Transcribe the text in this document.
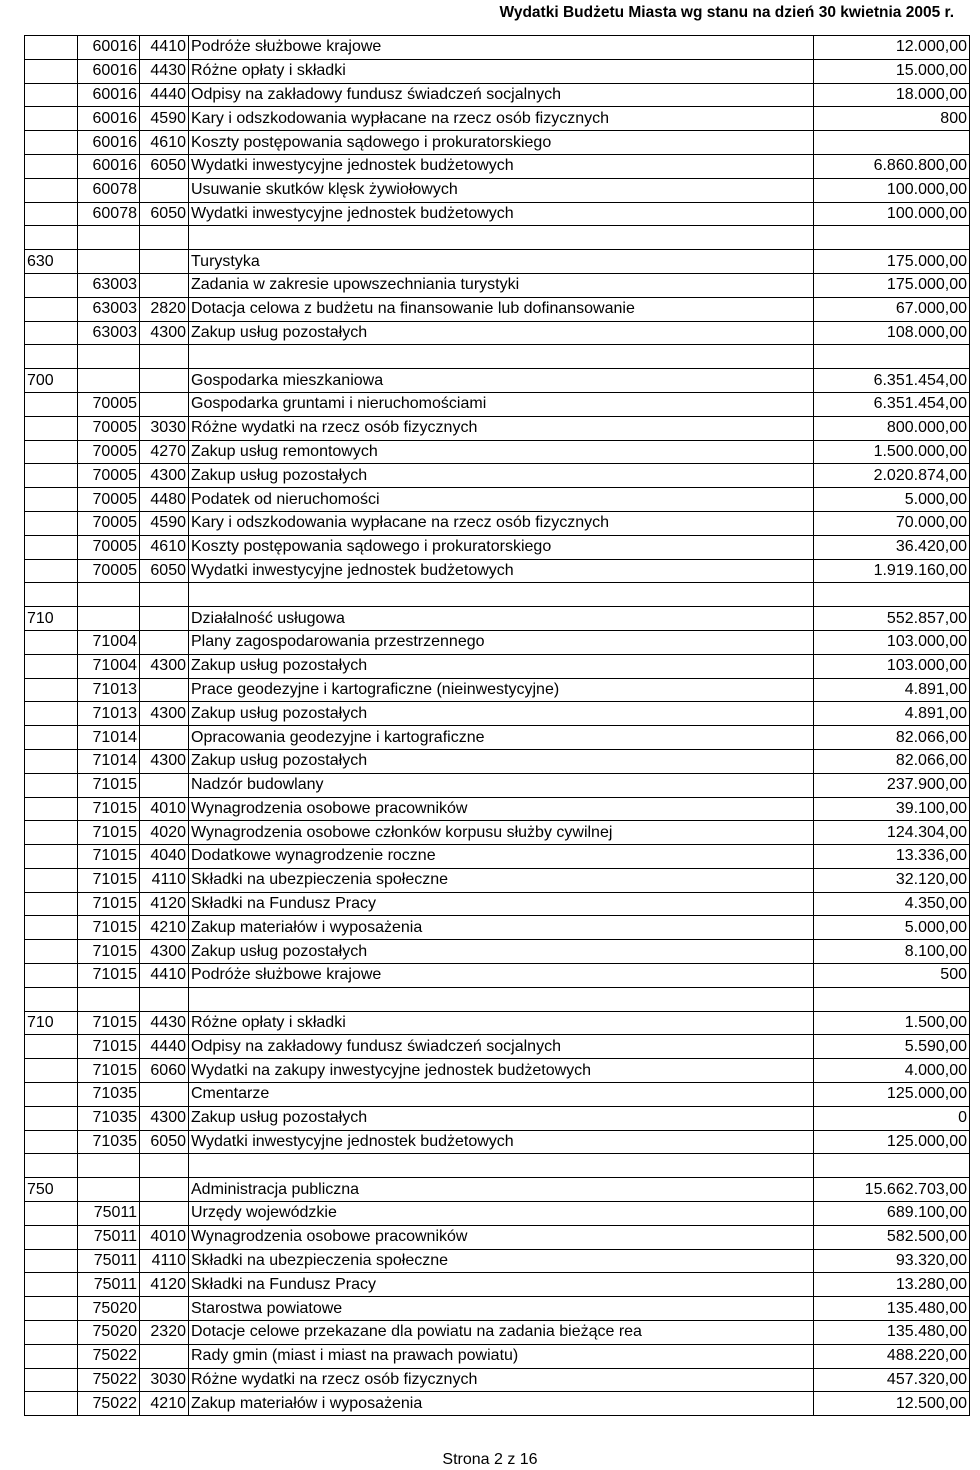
Wydatki Budżetu Miasta wg stanu na dzień 30 kwietnia 2005 r.
	60016	4410	Podróże służbowe krajowe	12.000,00
	60016	4430	Różne opłaty i składki	15.000,00
	60016	4440	Odpisy na zakładowy fundusz świadczeń socjalnych	18.000,00
	60016	4590	Kary i odszkodowania wypłacane na rzecz osób fizycznych	800
	60016	4610	Koszty postępowania sądowego i prokuratorskiego	
	60016	6050	Wydatki inwestycyjne jednostek budżetowych	6.860.800,00
	60078		Usuwanie skutków klęsk żywiołowych	100.000,00
	60078	6050	Wydatki inwestycyjne jednostek budżetowych	100.000,00

630			Turystyka	175.000,00
	63003		Zadania w zakresie upowszechniania turystyki	175.000,00
	63003	2820	Dotacja celowa z budżetu na finansowanie lub dofinansowanie	67.000,00
	63003	4300	Zakup usług pozostałych	108.000,00

700			Gospodarka mieszkaniowa	6.351.454,00
	70005		Gospodarka gruntami i nieruchomościami	6.351.454,00
	70005	3030	Różne wydatki na rzecz osób fizycznych	800.000,00
	70005	4270	Zakup usług remontowych	1.500.000,00
	70005	4300	Zakup usług pozostałych	2.020.874,00
	70005	4480	Podatek od nieruchomości	5.000,00
	70005	4590	Kary i odszkodowania wypłacane na rzecz osób fizycznych	70.000,00
	70005	4610	Koszty postępowania sądowego i prokuratorskiego	36.420,00
	70005	6050	Wydatki inwestycyjne jednostek budżetowych	1.919.160,00

710			Działalność usługowa	552.857,00
	71004		Plany zagospodarowania przestrzennego	103.000,00
	71004	4300	Zakup usług pozostałych	103.000,00
	71013		Prace geodezyjne i kartograficzne (nieinwestycyjne)	4.891,00
	71013	4300	Zakup usług pozostałych	4.891,00
	71014		Opracowania geodezyjne i kartograficzne	82.066,00
	71014	4300	Zakup usług pozostałych	82.066,00
	71015		Nadzór budowlany	237.900,00
	71015	4010	Wynagrodzenia osobowe pracowników	39.100,00
	71015	4020	Wynagrodzenia osobowe członków korpusu służby cywilnej	124.304,00
	71015	4040	Dodatkowe wynagrodzenie roczne	13.336,00
	71015	4110	Składki na ubezpieczenia społeczne	32.120,00
	71015	4120	Składki na Fundusz Pracy	4.350,00
	71015	4210	Zakup materiałów i wyposażenia	5.000,00
	71015	4300	Zakup usług pozostałych	8.100,00
	71015	4410	Podróże służbowe krajowe	500

710	71015	4430	Różne opłaty i składki	1.500,00
	71015	4440	Odpisy na zakładowy fundusz świadczeń socjalnych	5.590,00
	71015	6060	Wydatki na zakupy inwestycyjne jednostek budżetowych	4.000,00
	71035		Cmentarze	125.000,00
	71035	4300	Zakup usług pozostałych	0
	71035	6050	Wydatki inwestycyjne jednostek budżetowych	125.000,00

750			Administracja publiczna	15.662.703,00
	75011		Urzędy wojewódzkie	689.100,00
	75011	4010	Wynagrodzenia osobowe pracowników	582.500,00
	75011	4110	Składki na ubezpieczenia społeczne	93.320,00
	75011	4120	Składki na Fundusz Pracy	13.280,00
	75020		Starostwa powiatowe	135.480,00
	75020	2320	Dotacje celowe przekazane dla powiatu na zadania bieżące rea	135.480,00
	75022		Rady gmin (miast i miast na prawach powiatu)	488.220,00
	75022	3030	Różne wydatki na rzecz osób fizycznych	457.320,00
	75022	4210	Zakup materiałów i wyposażenia	12.500,00
Strona 2 z 16
